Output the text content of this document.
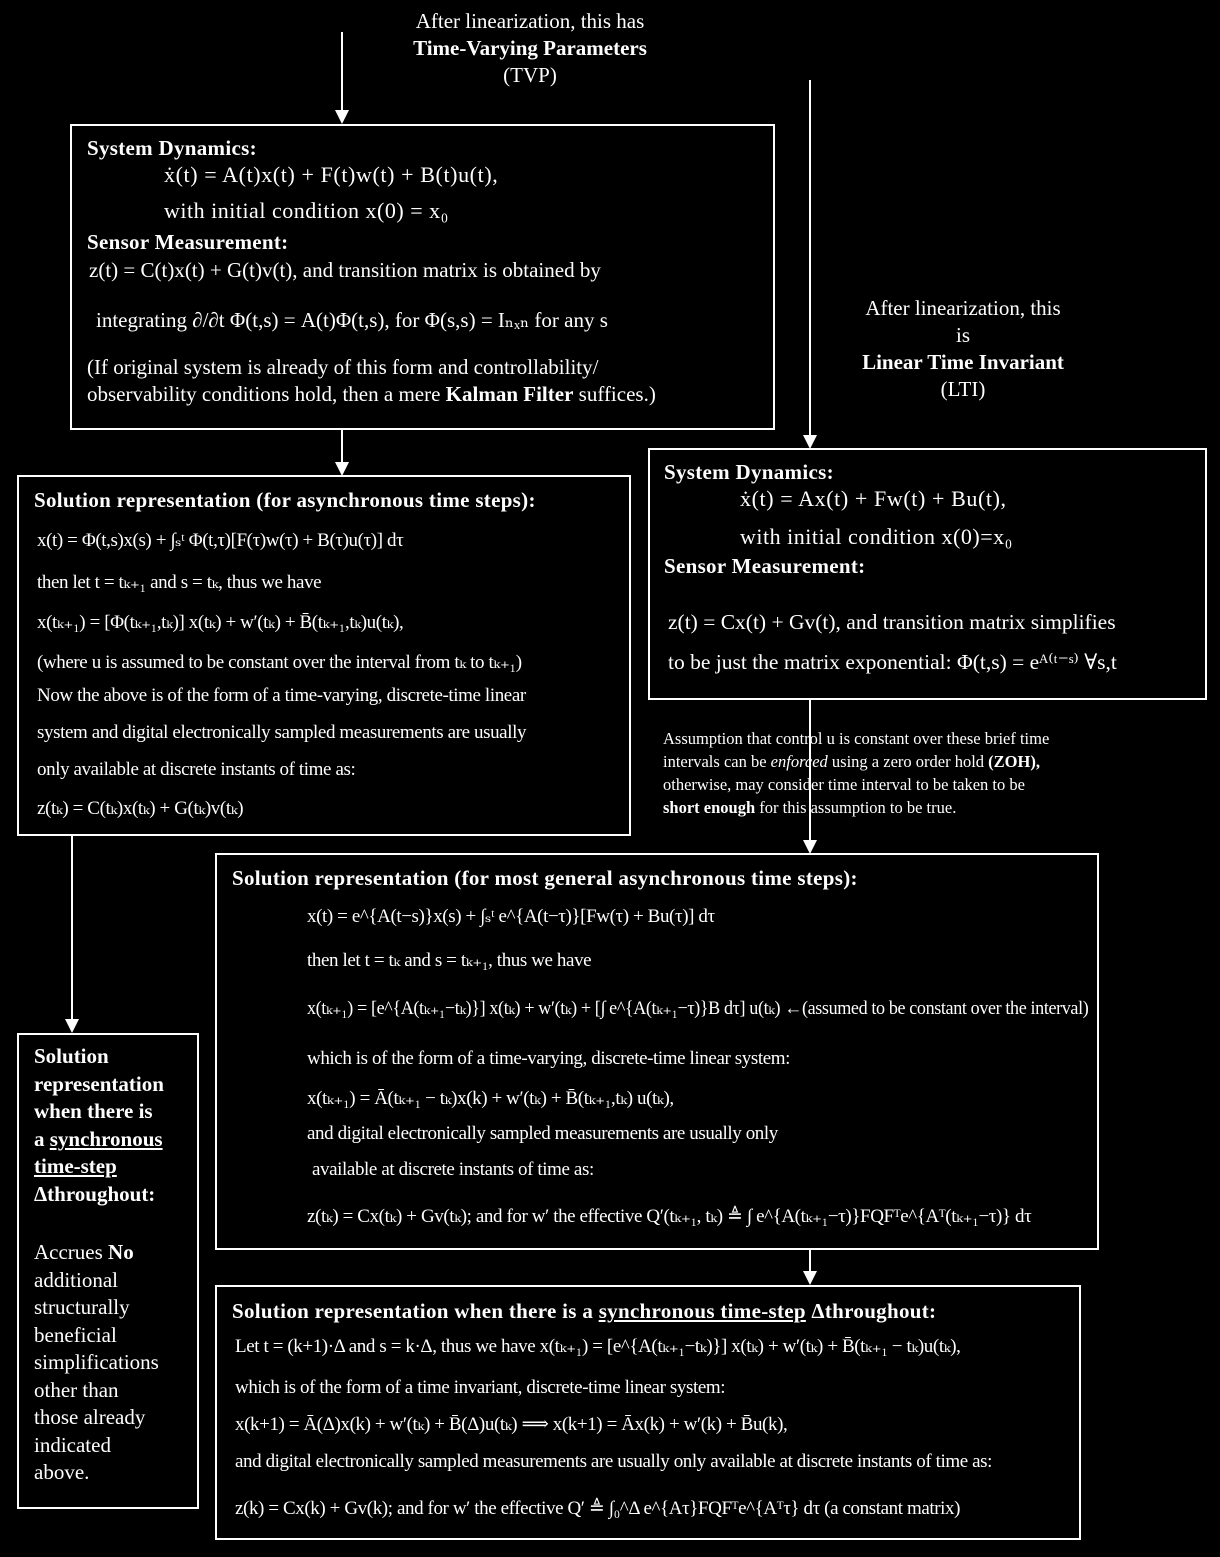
After linearization, this has
Time-Varying Parameters
(TVP)
After linearization, this
is
Linear Time Invariant
(LTI)
System Dynamics:
ẋ(t) = A(t)x(t) + F(t)w(t) + B(t)u(t),
with initial condition x(0) = x₀
Sensor Measurement:
z(t) = C(t)x(t) + G(t)v(t), and transition matrix is obtained by
integrating ∂/∂t Φ(t,s) = A(t)Φ(t,s), for Φ(s,s) = Iₙₓₙ for any s
(If original system is already of this form and controllability/
observability conditions hold, then a mere Kalman Filter suffices.)
System Dynamics:
ẋ(t) = Ax(t) + Fw(t) + Bu(t),
with initial condition x(0)=x₀
Sensor Measurement:
z(t) = Cx(t) + Gv(t), and transition matrix simplifies
to be just the matrix exponential: Φ(t,s) = eᴬ⁽ᵗ⁻ˢ⁾ ∀s,t
Solution representation (for asynchronous time steps):
x(t) = Φ(t,s)x(s) + ∫ₛᵗ Φ(t,τ)[F(τ)w(τ) + B(τ)u(τ)] dτ
then let t = tₖ₊₁ and s = tₖ, thus we have
x(tₖ₊₁) = [Φ(tₖ₊₁,tₖ)] x(tₖ) + w′(tₖ) + B̄(tₖ₊₁,tₖ)u(tₖ),
(where u is assumed to be constant over the interval from tₖ to tₖ₊₁)
Now the above is of the form of a time-varying, discrete-time linear
system and digital electronically sampled measurements are usually
only available at discrete instants of time as:
z(tₖ) = C(tₖ)x(tₖ) + G(tₖ)v(tₖ)
Assumption that control u is constant over these brief time
intervals can be enforced using a zero order hold (ZOH),
otherwise, may consider time interval to be taken to be
short enough for this assumption to be true.
Solution representation (for most general asynchronous time steps):
x(t) = e^{A(t−s)}x(s) + ∫ₛᵗ e^{A(t−τ)}[Fw(τ) + Bu(τ)] dτ
then let t = tₖ and s = tₖ₊₁, thus we have
x(tₖ₊₁) = [e^{A(tₖ₊₁−tₖ)}] x(tₖ) + w′(tₖ) + [∫ e^{A(tₖ₊₁−τ)}B dτ] u(tₖ) ←(assumed to be constant over the interval)
which is of the form of a time-varying, discrete-time linear system:
x(tₖ₊₁) = Ā(tₖ₊₁ − tₖ)x(k) + w′(tₖ) + B̄(tₖ₊₁,tₖ) u(tₖ),
and digital electronically sampled measurements are usually only
available at discrete instants of time as:
z(tₖ) = Cx(tₖ) + Gv(tₖ); and for w′ the effective Q′(tₖ₊₁, tₖ) ≜ ∫ e^{A(tₖ₊₁−τ)}FQFᵀe^{Aᵀ(tₖ₊₁−τ)} dτ
Solution
representation
when there is
a synchronous
time-step
Δthroughout:
Accrues No
additional
structurally
beneficial
simplifications
other than
those already
indicated
above.
Solution representation when there is a synchronous time-step Δthroughout:
Let t = (k+1)·Δ and s = k·Δ, thus we have x(tₖ₊₁) = [e^{A(tₖ₊₁−tₖ)}] x(tₖ) + w′(tₖ) + B̄(tₖ₊₁ − tₖ)u(tₖ),
which is of the form of a time invariant, discrete-time linear system:
x(k+1) = Ā(Δ)x(k) + w′(tₖ) + B̄(Δ)u(tₖ) ⟹ x(k+1) = Āx(k) + w′(k) + B̄u(k),
and digital electronically sampled measurements are usually only available at discrete instants of time as:
z(k) = Cx(k) + Gv(k); and for w′ the effective Q′ ≜ ∫₀^Δ e^{Aτ}FQFᵀe^{Aᵀτ} dτ (a constant matrix)
